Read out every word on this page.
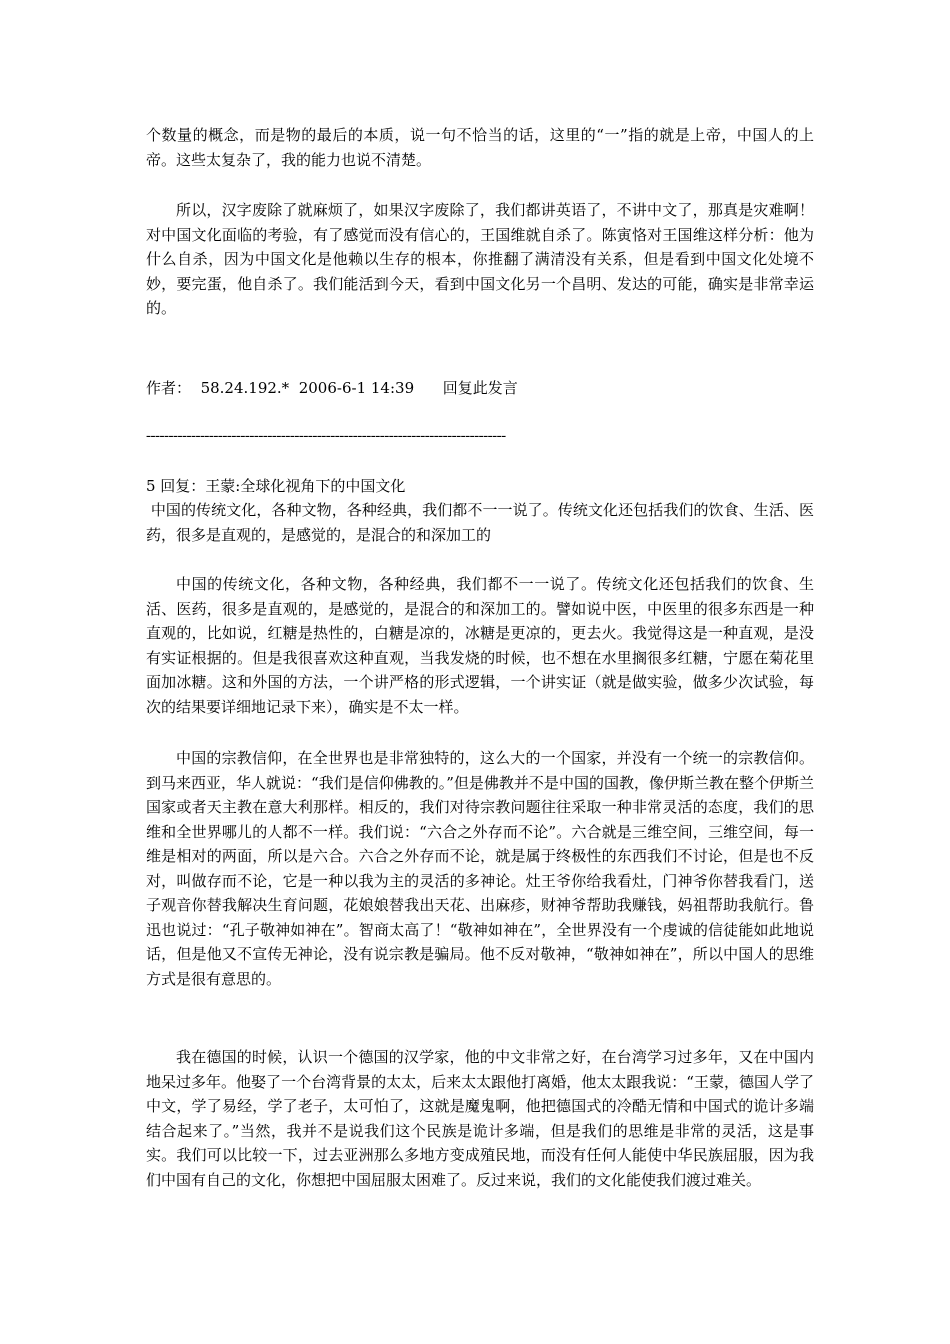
个数量的概念，而是物的最后的本质，说一句不恰当的话，这里的“一”指的就是上帝，中国人的上帝。这些太复杂了，我的能力也说不清楚。

所以，汉字废除了就麻烦了，如果汉字废除了，我们都讲英语了，不讲中文了，那真是灾难啊！对中国文化面临的考验，有了感觉而没有信心的，王国维就自杀了。陈寅恪对王国维这样分析：他为什么自杀，因为中国文化是他赖以生存的根本，你推翻了满清没有关系，但是看到中国文化处境不妙，要完蛋，他自杀了。我们能活到今天，看到中国文化另一个昌明、发达的可能，确实是非常幸运的。

作者： 58.24.192.* 2006-6-1 14:39 回复此发言
--------------------------------------------------------------------------------
5 回复：王蒙:全球化视角下的中国文化

中国的传统文化，各种文物，各种经典，我们都不一一说了。传统文化还包括我们的饮食、生活、医药，很多是直观的，是感觉的，是混合的和深加工的

中国的传统文化，各种文物，各种经典，我们都不一一说了。传统文化还包括我们的饮食、生活、医药，很多是直观的，是感觉的，是混合的和深加工的。譬如说中医，中医里的很多东西是一种直观的，比如说，红糖是热性的，白糖是凉的，冰糖是更凉的，更去火。我觉得这是一种直观，是没有实证根据的。但是我很喜欢这种直观，当我发烧的时候，也不想在水里搁很多红糖，宁愿在菊花里面加冰糖。这和外国的方法，一个讲严格的形式逻辑，一个讲实证（就是做实验，做多少次试验，每次的结果要详细地记录下来），确实是不太一样。

中国的宗教信仰，在全世界也是非常独特的，这么大的一个国家，并没有一个统一的宗教信仰。到马来西亚，华人就说：“我们是信仰佛教的。”但是佛教并不是中国的国教，像伊斯兰教在整个伊斯兰国家或者天主教在意大利那样。相反的，我们对待宗教问题往往采取一种非常灵活的态度，我们的思维和全世界哪儿的人都不一样。我们说：“六合之外存而不论”。六合就是三维空间，三维空间，每一维是相对的两面，所以是六合。六合之外存而不论，就是属于终极性的东西我们不讨论，但是也不反对，叫做存而不论，它是一种以我为主的灵活的多神论。灶王爷你给我看灶，门神爷你替我看门，送子观音你替我解决生育问题，花娘娘替我出天花、出麻疹，财神爷帮助我赚钱，妈祖帮助我航行。鲁迅也说过：“孔子敬神如神在”。智商太高了！“敬神如神在”，全世界没有一个虔诚的信徒能如此地说话，但是他又不宣传无神论，没有说宗教是骗局。他不反对敬神，“敬神如神在”，所以中国人的思维方式是很有意思的。

我在德国的时候，认识一个德国的汉学家，他的中文非常之好，在台湾学习过多年，又在中国内地呆过多年。他娶了一个台湾背景的太太，后来太太跟他打离婚，他太太跟我说：“王蒙，德国人学了中文，学了易经，学了老子，太可怕了，这就是魔鬼啊，他把德国式的冷酷无情和中国式的诡计多端结合起来了。”当然，我并不是说我们这个民族是诡计多端，但是我们的思维是非常的灵活，这是事实。我们可以比较一下，过去亚洲那么多地方变成殖民地，而没有任何人能使中华民族屈服，因为我们中国有自己的文化，你想把中国屈服太困难了。反过来说，我们的文化能使我们渡过难关。
